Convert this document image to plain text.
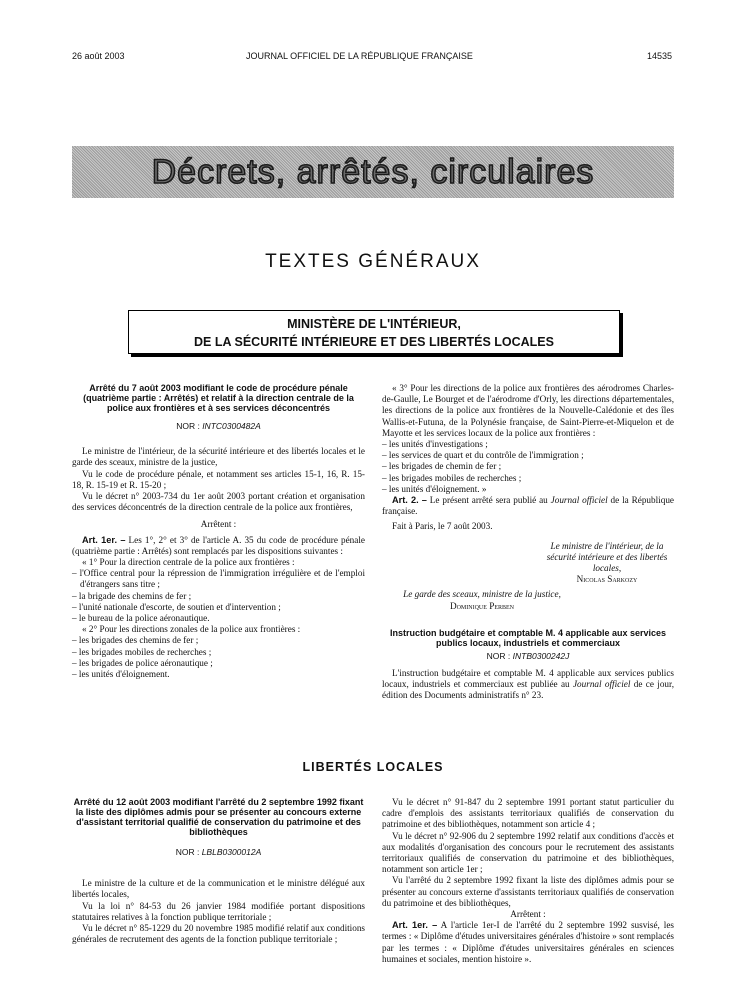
26 août 2003	JOURNAL OFFICIEL DE LA RÉPUBLIQUE FRANÇAISE	14535
Décrets, arrêtés, circulaires
TEXTES GÉNÉRAUX
MINISTÈRE DE L'INTÉRIEUR,
DE LA SÉCURITÉ INTÉRIEURE ET DES LIBERTÉS LOCALES
Arrêté du 7 août 2003 modifiant le code de procédure pénale (quatrième partie : Arrêtés) et relatif à la direction centrale de la police aux frontières et à ses services déconcentrés
NOR : INTC0300482A

Le ministre de l'intérieur, de la sécurité intérieure et des libertés locales et le garde des sceaux, ministre de la justice,

Vu le code de procédure pénale, et notamment ses articles 15-1, 16, R. 15-18, R. 15-19 et R. 15-20 ;

Vu le décret n° 2003-734 du 1er août 2003 portant création et organisation des services déconcentrés de la direction centrale de la police aux frontières,

Arrêtent :

Art. 1er. – Les 1°, 2° et 3° de l'article A. 35 du code de procédure pénale (quatrième partie : Arrêtés) sont remplacés par les dispositions suivantes :

« 1° Pour la direction centrale de la police aux frontières :

– l'Office central pour la répression de l'immigration irrégulière et de l'emploi d'étrangers sans titre ;
– la brigade des chemins de fer ;
– l'unité nationale d'escorte, de soutien et d'intervention ;
– le bureau de la police aéronautique.

« 2° Pour les directions zonales de la police aux frontières :

– les brigades des chemins de fer ;
– les brigades mobiles de recherches ;
– les brigades de police aéronautique ;
– les unités d'éloignement.

« 3° Pour les directions de la police aux frontières des aérodromes Charles-de-Gaulle, Le Bourget et de l'aérodrome d'Orly, les directions départementales, les directions de la police aux frontières de la Nouvelle-Calédonie et des îles Wallis-et-Futuna, de la Polynésie française, de Saint-Pierre-et-Miquelon et de Mayotte et les services locaux de la police aux frontières :

– les unités d'investigations ;
– les services de quart et du contrôle de l'immigration ;
– les brigades de chemin de fer ;
– les brigades mobiles de recherches ;
– les unités d'éloignement. »

Art. 2. – Le présent arrêté sera publié au Journal officiel de la République française.

Fait à Paris, le 7 août 2003.

Le ministre de l'intérieur, de la sécurité intérieure et des libertés locales,
Nicolas Sarkozy
Le garde des sceaux, ministre de la justice,
Dominique Perben
Instruction budgétaire et comptable M. 4 applicable aux services publics locaux, industriels et commerciaux
NOR : INTB0300242J

L'instruction budgétaire et comptable M. 4 applicable aux services publics locaux, industriels et commerciaux est publiée au Journal officiel de ce jour, édition des Documents administratifs n° 23.

LIBERTÉS LOCALES
Arrêté du 12 août 2003 modifiant l'arrêté du 2 septembre 1992 fixant la liste des diplômes admis pour se présenter au concours externe d'assistant territorial qualifié de conservation du patrimoine et des bibliothèques
NOR : LBLB0300012A

Le ministre de la culture et de la communication et le ministre délégué aux libertés locales,

Vu la loi n° 84-53 du 26 janvier 1984 modifiée portant dispositions statutaires relatives à la fonction publique territoriale ;

Vu le décret n° 85-1229 du 20 novembre 1985 modifié relatif aux conditions générales de recrutement des agents de la fonction publique territoriale ;

Vu le décret n° 91-847 du 2 septembre 1991 portant statut particulier du cadre d'emplois des assistants territoriaux qualifiés de conservation du patrimoine et des bibliothèques, notamment son article 4 ;

Vu le décret n° 92-906 du 2 septembre 1992 relatif aux conditions d'accès et aux modalités d'organisation des concours pour le recrutement des assistants territoriaux qualifiés de conservation du patrimoine et des bibliothèques, notamment son article 1er ;

Vu l'arrêté du 2 septembre 1992 fixant la liste des diplômes admis pour se présenter au concours externe d'assistants territoriaux qualifiés de conservation du patrimoine et des bibliothèques,

Arrêtent :

Art. 1er. – A l'article 1er-I de l'arrêté du 2 septembre 1992 susvisé, les termes : « Diplôme d'études universitaires générales d'histoire » sont remplacés par les termes : « Diplôme d'études universitaires générales en sciences humaines et sociales, mention histoire ».
